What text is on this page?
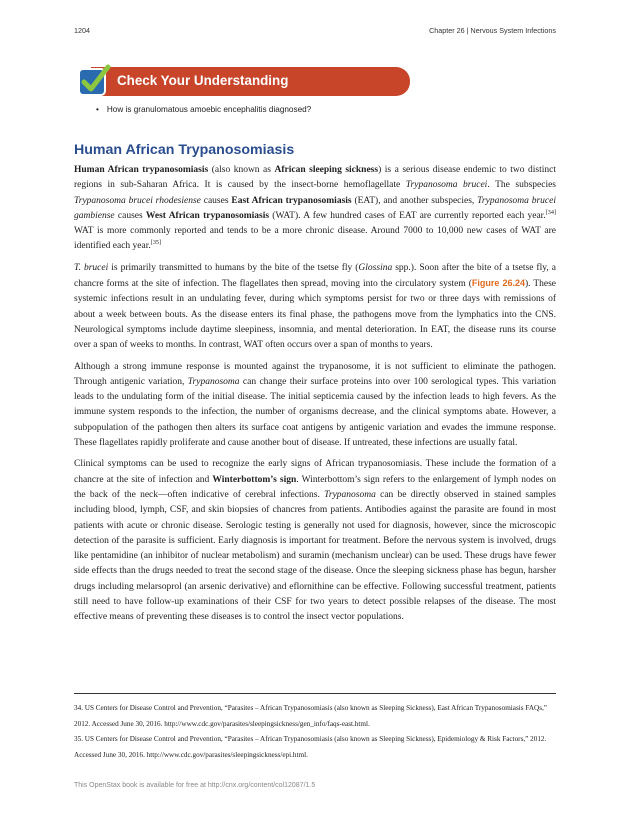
1204	Chapter 26 | Nervous System Infections
Check Your Understanding
• How is granulomatous amoebic encephalitis diagnosed?
Human African Trypanosomiasis

Human African trypanosomiasis (also known as African sleeping sickness) is a serious disease endemic to two distinct regions in sub-Saharan Africa. It is caused by the insect-borne hemoflagellate Trypanosoma brucei. The subspecies Trypanosoma brucei rhodesiense causes East African trypanosomiasis (EAT), and another subspecies, Trypanosoma brucei gambiense causes West African trypanosomiasis (WAT). A few hundred cases of EAT are currently reported each year.[34] WAT is more commonly reported and tends to be a more chronic disease. Around 7000 to 10,000 new cases of WAT are identified each year.[35]

T. brucei is primarily transmitted to humans by the bite of the tsetse fly (Glossina spp.). Soon after the bite of a tsetse fly, a chancre forms at the site of infection. The flagellates then spread, moving into the circulatory system (Figure 26.24). These systemic infections result in an undulating fever, during which symptoms persist for two or three days with remissions of about a week between bouts. As the disease enters its final phase, the pathogens move from the lymphatics into the CNS. Neurological symptoms include daytime sleepiness, insomnia, and mental deterioration. In EAT, the disease runs its course over a span of weeks to months. In contrast, WAT often occurs over a span of months to years.

Although a strong immune response is mounted against the trypanosome, it is not sufficient to eliminate the pathogen. Through antigenic variation, Trypanosoma can change their surface proteins into over 100 serological types. This variation leads to the undulating form of the initial disease. The initial septicemia caused by the infection leads to high fevers. As the immune system responds to the infection, the number of organisms decrease, and the clinical symptoms abate. However, a subpopulation of the pathogen then alters its surface coat antigens by antigenic variation and evades the immune response. These flagellates rapidly proliferate and cause another bout of disease. If untreated, these infections are usually fatal.

Clinical symptoms can be used to recognize the early signs of African trypanosomiasis. These include the formation of a chancre at the site of infection and Winterbottom’s sign. Winterbottom’s sign refers to the enlargement of lymph nodes on the back of the neck—often indicative of cerebral infections. Trypanosoma can be directly observed in stained samples including blood, lymph, CSF, and skin biopsies of chancres from patients. Antibodies against the parasite are found in most patients with acute or chronic disease. Serologic testing is generally not used for diagnosis, however, since the microscopic detection of the parasite is sufficient. Early diagnosis is important for treatment. Before the nervous system is involved, drugs like pentamidine (an inhibitor of nuclear metabolism) and suramin (mechanism unclear) can be used. These drugs have fewer side effects than the drugs needed to treat the second stage of the disease. Once the sleeping sickness phase has begun, harsher drugs including melarsoprol (an arsenic derivative) and eflornithine can be effective. Following successful treatment, patients still need to have follow-up examinations of their CSF for two years to detect possible relapses of the disease. The most effective means of preventing these diseases is to control the insect vector populations.

34. US Centers for Disease Control and Prevention, “Parasites – African Trypanosomiasis (also known as Sleeping Sickness), East African Trypanosomiasis FAQs,” 2012. Accessed June 30, 2016. http://www.cdc.gov/parasites/sleepingsickness/gen_info/faqs-east.html.
35. US Centers for Disease Control and Prevention, “Parasites – African Trypanosomiasis (also known as Sleeping Sickness), Epidemiology & Risk Factors,” 2012. Accessed June 30, 2016. http://www.cdc.gov/parasites/sleepingsickness/epi.html.
This OpenStax book is available for free at http://cnx.org/content/col12087/1.5
